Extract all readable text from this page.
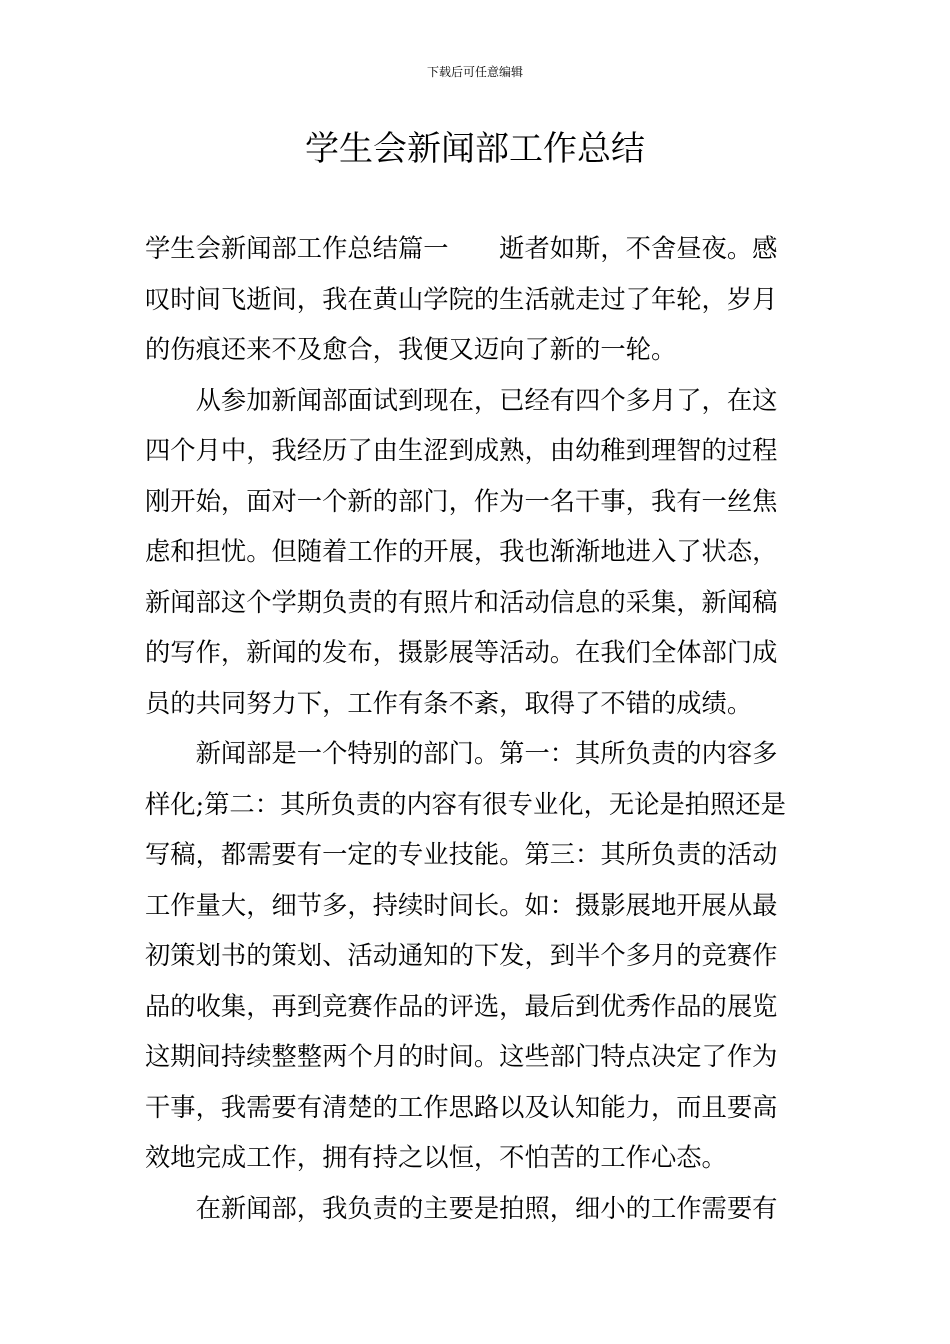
下载后可任意编辑
学生会新闻部工作总结
学生会新闻部工作总结篇一　　逝者如斯，不舍昼夜。感
叹时间飞逝间，我在黄山学院的生活就走过了年轮，岁月
的伤痕还来不及愈合，我便又迈向了新的一轮。
　　从参加新闻部面试到现在，已经有四个多月了，在这
四个月中，我经历了由生涩到成熟，由幼稚到理智的过程
刚开始，面对一个新的部门，作为一名干事，我有一丝焦
虑和担忧。但随着工作的开展，我也渐渐地进入了状态，
新闻部这个学期负责的有照片和活动信息的采集，新闻稿
的写作，新闻的发布，摄影展等活动。在我们全体部门成
员的共同努力下，工作有条不紊，取得了不错的成绩。
　　新闻部是一个特别的部门。第一：其所负责的内容多
样化;第二：其所负责的内容有很专业化，无论是拍照还是
写稿，都需要有一定的专业技能。第三：其所负责的活动
工作量大，细节多，持续时间长。如：摄影展地开展从最
初策划书的策划、活动通知的下发，到半个多月的竞赛作
品的收集，再到竞赛作品的评选，最后到优秀作品的展览
这期间持续整整两个月的时间。这些部门特点决定了作为
干事，我需要有清楚的工作思路以及认知能力，而且要高
效地完成工作，拥有持之以恒，不怕苦的工作心态。
　　在新闻部，我负责的主要是拍照，细小的工作需要有
